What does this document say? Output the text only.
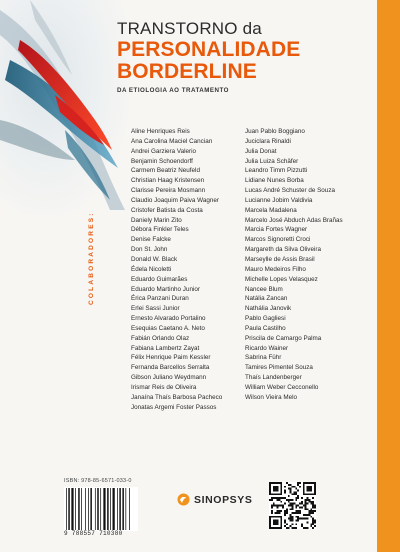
TRANSTORNO da
PERSONALIDADE
BORDERLINE
DA ETIOLOGIA AO TRATAMENTO
COLABORADORES:
Aline Henriques Reis
Ana Carolina Maciel Cancian
Andrei Garziera Valerio
Benjamin Schoendorff
Carmem Beatriz Neufeld
Christian Haag Kristensen
Clarisse Pereira Mosmann
Claudio Joaquim Paiva Wagner
Cristofer Batista da Costa
Daniely Marin Zito
Débora Finkler Teles
Denise Falcke
Don St. John
Donald W. Black
Édela Nicoletti
Eduardo Guimarães
Eduardo Martinho Junior
Érica Panzani Duran
Erlei Sassi Junior
Ernesto Alvarado Portalino
Esequias Caetano A. Neto
Fabián Orlando Olaz
Fabiana Lambertz Zayat
Félix Henrique Paim Kessler
Fernanda Barcellos Serralta
Gibson Juliano Weydmann
Irismar Reis de Oliveira
Janaína Thaís Barbosa Pacheco
Jonatas Argemi Foster Passos
Juan Pablo Boggiano
Juciclara Rinaldi
Julia Donat
Julia Luiza Schäfer
Leandro Timm Pizzutti
Lidiane Nunes Borba
Lucas André Schuster de Souza
Lucianne Jobim Valdivia
Marcela Madalena
Marcelo José Abduch Adas Brañas
Marcia Fortes Wagner
Marcos Signoretti Croci
Margareth da Silva Oliveira
Marseylle de Assis Brasil
Mauro Medeiros Filho
Michelle Lopes Velasquez
Nancee Blum
Natália Zancan
Nathália Janovik
Pablo Gagliesi
Paula Castilho
Priscila de Camargo Palma
Ricardo Wainer
Sabrina Führ
Tamires Pimentel Souza
Thaís Landenberger
William Weber Cecconello
Wilson Vieira Melo
ISBN: 978-85-6571-033-0
9 788557 710380
SINOPSYS
